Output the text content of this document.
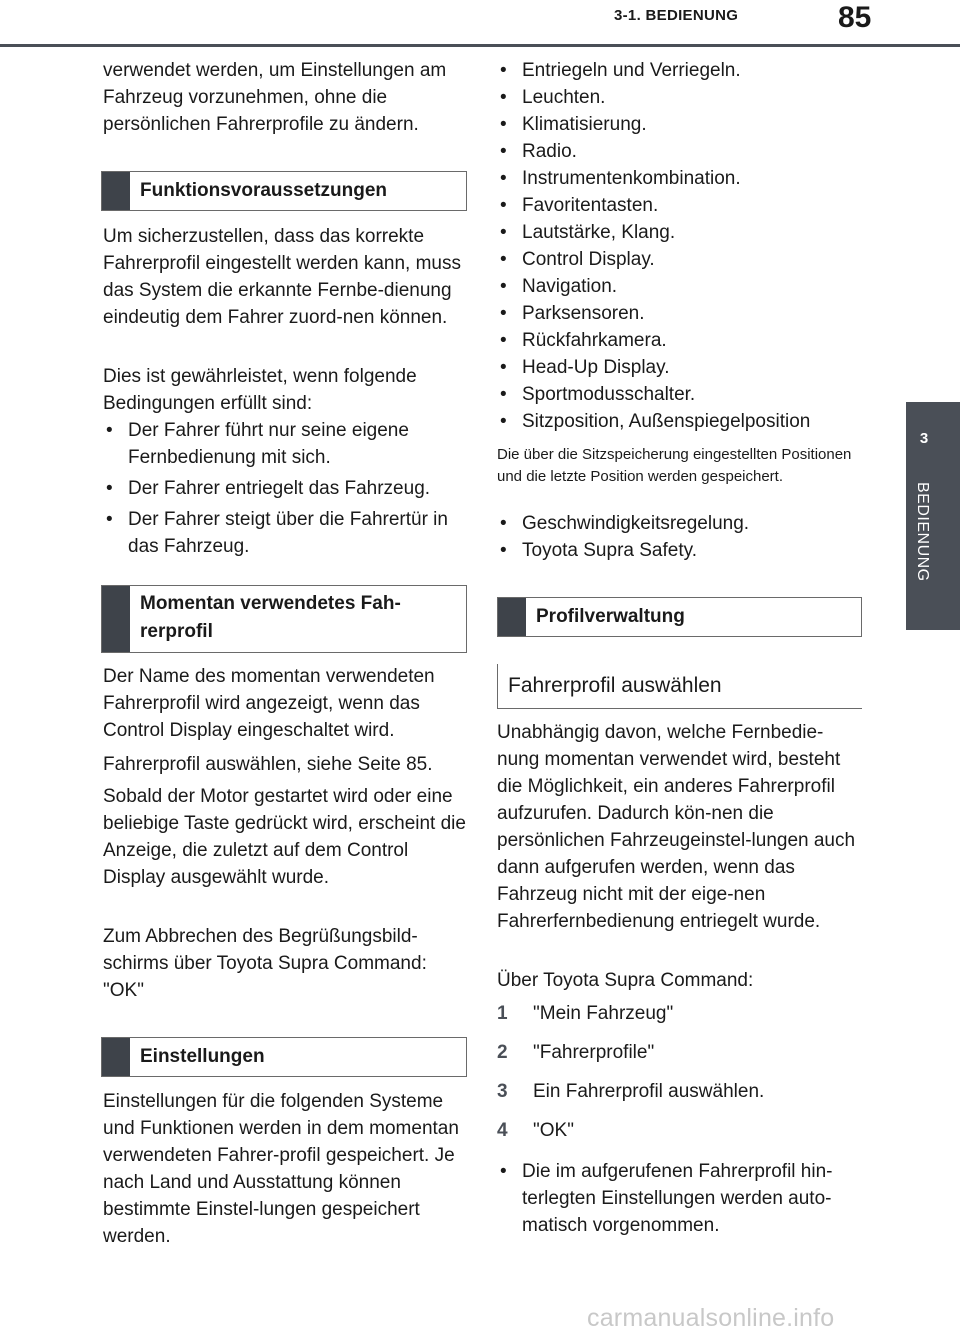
3-1. BEDIENUNG	85
3
BEDIENUNG

verwendet werden, um Einstellungen am Fahrzeug vorzunehmen, ohne die persönlichen Fahrerprofile zu ändern.

Funktionsvoraussetzungen

Um sicherzustellen, dass das korrekte Fahrerprofil eingestellt werden kann, muss das System die erkannte Fernbe-dienung eindeutig dem Fahrer zuord-nen können.

Dies ist gewährleistet, wenn folgende Bedingungen erfüllt sind:

• Der Fahrer führt nur seine eigene Fernbedienung mit sich.

• Der Fahrer entriegelt das Fahrzeug.

• Der Fahrer steigt über die Fahrertür in das Fahrzeug.

Momentan verwendetes Fah-rerprofil

Der Name des momentan verwendeten Fahrerprofil wird angezeigt, wenn das Control Display eingeschaltet wird.

Fahrerprofil auswählen, siehe Seite 85.

Sobald der Motor gestartet wird oder eine beliebige Taste gedrückt wird, erscheint die Anzeige, die zuletzt auf dem Control Display ausgewählt wurde.

Zum Abbrechen des Begrüßungsbild-schirms über Toyota Supra Command: "OK"

Einstellungen

Einstellungen für die folgenden Systeme und Funktionen werden in dem momentan verwendeten Fahrer-profil gespeichert. Je nach Land und Ausstattung können bestimmte Einstel-lungen gespeichert werden.

• Entriegeln und Verriegeln.

• Leuchten.

• Klimatisierung.

• Radio.

• Instrumentenkombination.

• Favoritentasten.

• Lautstärke, Klang.

• Control Display.

• Navigation.

• Parksensoren.

• Rückfahrkamera.

• Head-Up Display.

• Sportmodusschalter.

• Sitzposition, Außenspiegelposition

Die über die Sitzspeicherung eingestellten Positionen und die letzte Position werden gespeichert.

• Geschwindigkeitsregelung.

• Toyota Supra Safety.

Profilverwaltung
Fahrerprofil auswählen

Unabhängig davon, welche Fernbedie-nung momentan verwendet wird, besteht die Möglichkeit, ein anderes Fahrerprofil aufzurufen. Dadurch kön-nen die persönlichen Fahrzeugeinstel-lungen auch dann aufgerufen werden, wenn das Fahrzeug nicht mit der eige-nen Fahrerfernbedienung entriegelt wurde.

Über Toyota Supra Command:

1 "Mein Fahrzeug"
2 "Fahrerprofile"
3 Ein Fahrerprofil auswählen.
4 "OK"

• Die im aufgerufenen Fahrerprofil hin-terlegten Einstellungen werden auto-matisch vorgenommen.

carmanualsonline.info
